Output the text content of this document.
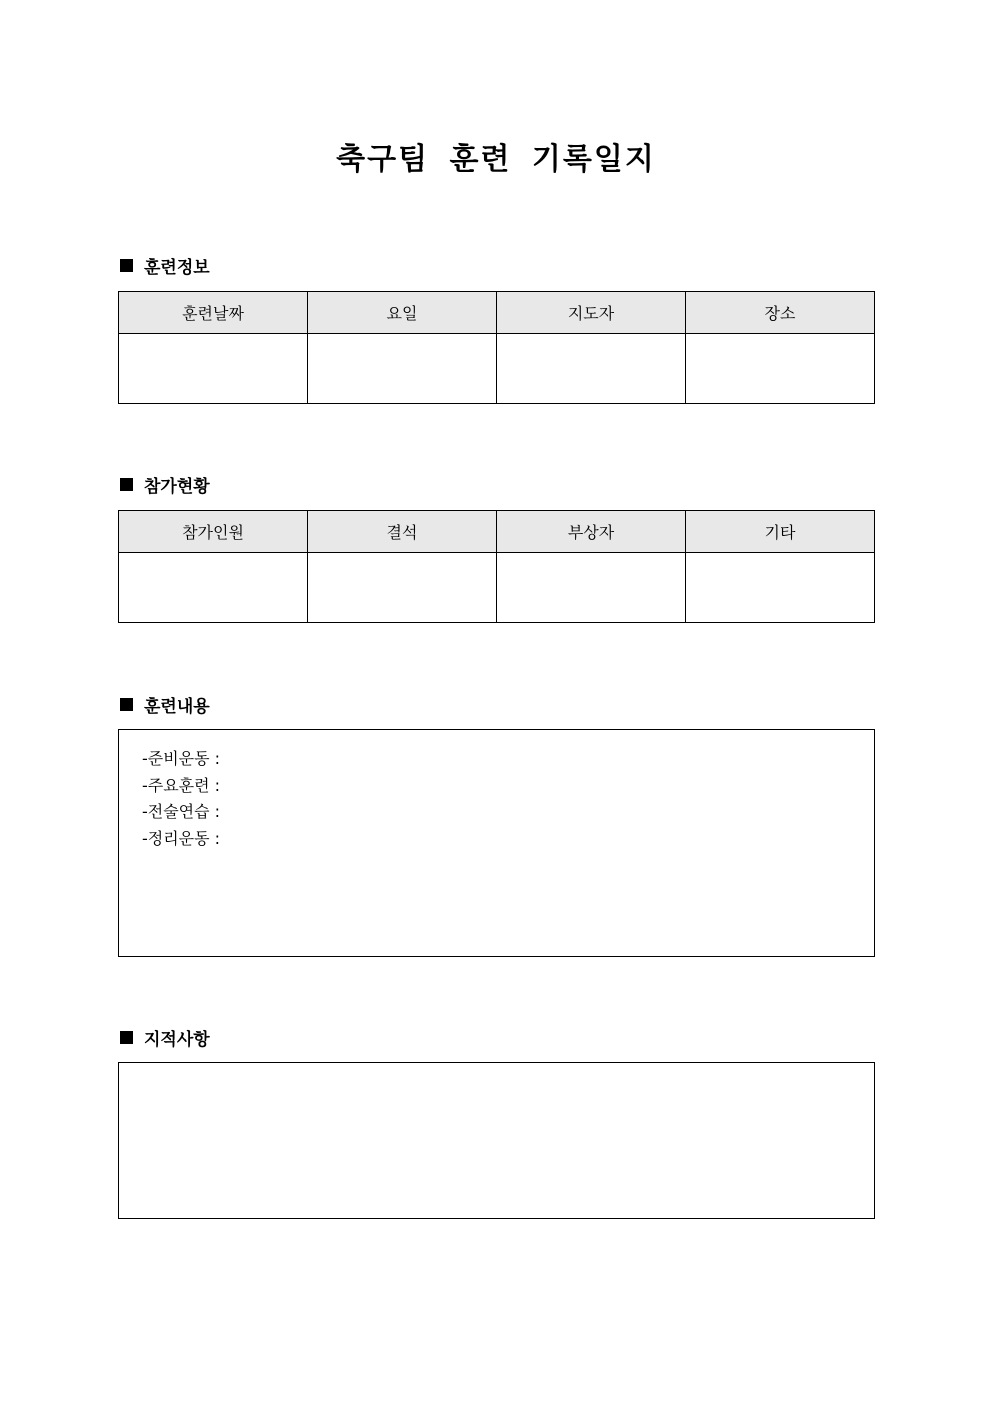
축구팀 훈련 기록일지
훈련정보
훈련날짜	요일	지도자	장소

참가현황
참가인원	결석	부상자	기타

훈련내용
-준비운동 :
-주요훈련 :
-전술연습 :
-정리운동 :
지적사항
